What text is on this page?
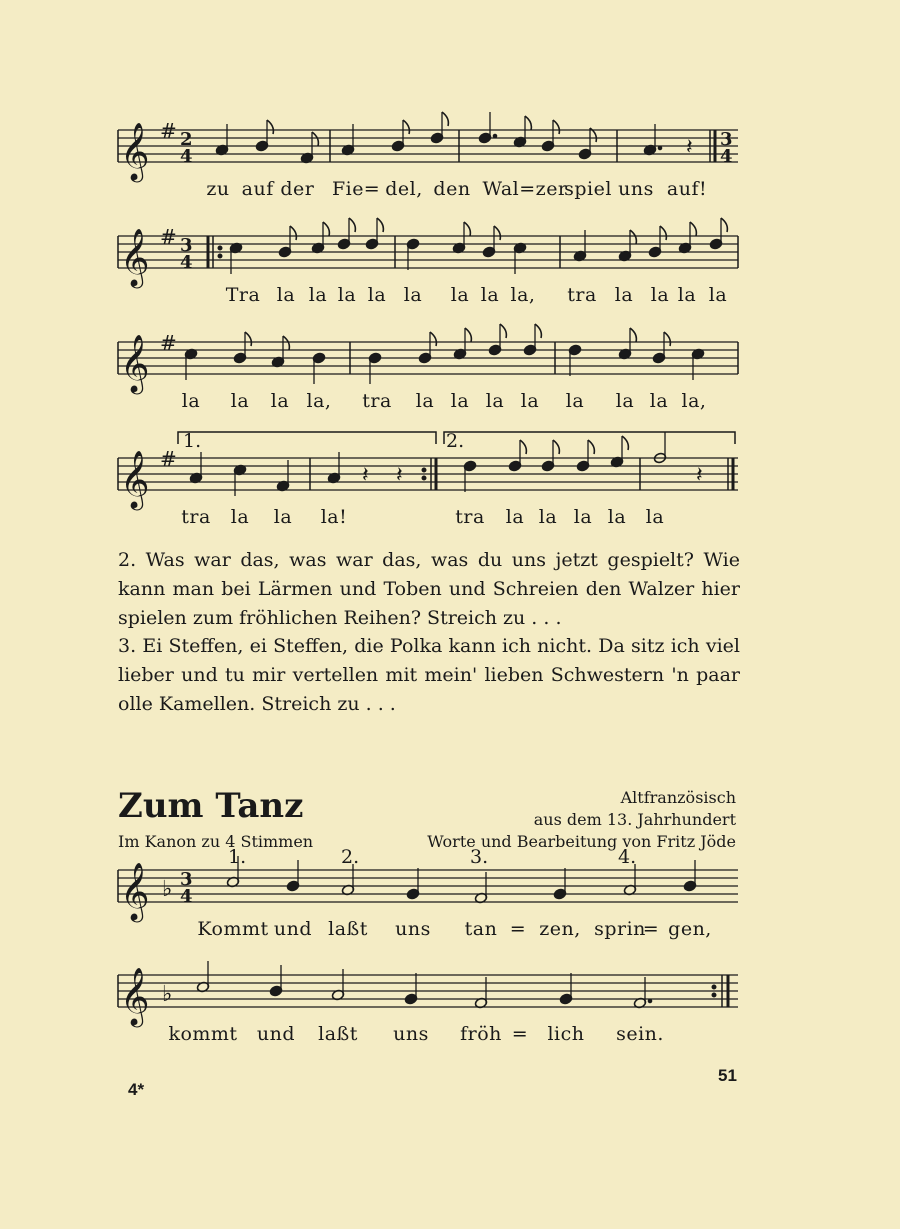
𝄞 # 2
4	𝄽 3
4
𝄞 # 3
4
𝄞 #
𝄞 #
𝄽 𝄽	𝄽
𝄞 ♭ 3
4
𝄞 ♭
zu auf der Fie = del, den Wal=zer
spiel uns auf!
Tra la la la la la la la la, tra la la la la
la la la la, tra la la la la la la la la,
1.	2.
tra la la la!	tra la la la la la
2. Was war das, was war das, was du uns jetzt gespielt? Wie kann man bei Lärmen und Toben und Schreien den Walzer hier spielen zum fröhlichen Reihen? Streich zu . . .
3. Ei Steffen, ei Steffen, die Polka kann ich nicht. Da sitz ich viel lieber und tu mir vertellen mit mein' lieben Schwestern 'n paar olle Kamellen. Streich zu . . .
Zum Tanz	Altfranzösisch
aus dem 13. Jahrhundert
Im Kanon zu 4 Stimmen	Worte und Bearbeitung von Fritz Jöde
1.	2.	3.	4.
Kommt und laßt uns tan = zen, sprin
= gen,
kommt und laßt uns fröh = lich sein.
4*
51
